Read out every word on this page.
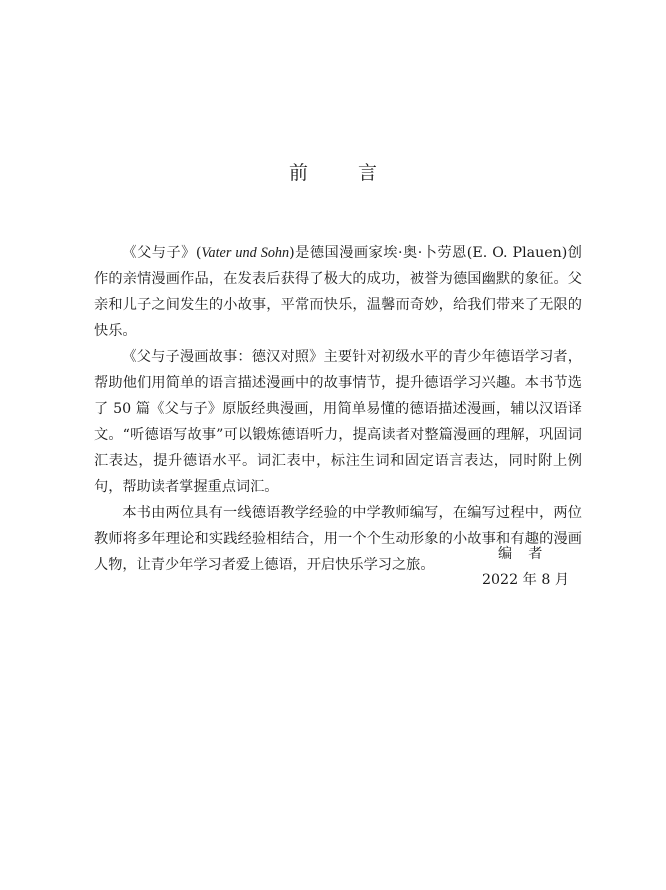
前 言

《父与子》(Vater und Sohn)是德国漫画家埃·奥·卜劳恩(E. O. Plauen)创作的亲情漫画作品，在发表后获得了极大的成功，被誉为德国幽默的象征。父亲和儿子之间发生的小故事，平常而快乐，温馨而奇妙，给我们带来了无限的快乐。

《父与子漫画故事：德汉对照》主要针对初级水平的青少年德语学习者，帮助他们用简单的语言描述漫画中的故事情节，提升德语学习兴趣。本书节选了 50 篇《父与子》原版经典漫画，用简单易懂的德语描述漫画，辅以汉语译文。“听德语写故事”可以锻炼德语听力，提高读者对整篇漫画的理解，巩固词汇表达，提升德语水平。词汇表中，标注生词和固定语言表达，同时附上例句，帮助读者掌握重点词汇。

本书由两位具有一线德语教学经验的中学教师编写，在编写过程中，两位教师将多年理论和实践经验相结合，用一个个生动形象的小故事和有趣的漫画人物，让青少年学习者爱上德语，开启快乐学习之旅。

编者
2022 年 8 月
